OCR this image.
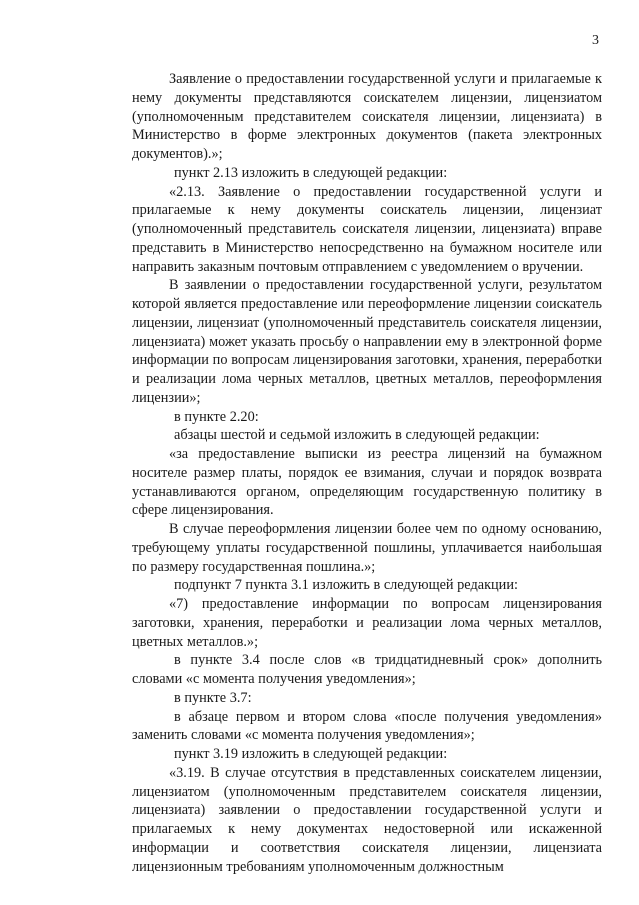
3

Заявление о предоставлении государственной услуги и прилагаемые к нему документы представляются соискателем лицензии, лицензиатом (уполномоченным представителем соискателя лицензии, лицензиата) в Министерство в форме электронных документов (пакета электронных документов).»;

пункт 2.13 изложить в следующей редакции:

«2.13. Заявление о предоставлении государственной услуги и прилагаемые к нему документы соискатель лицензии, лицензиат (уполномоченный представитель соискателя лицензии, лицензиата) вправе представить в Министерство непосредственно на бумажном носителе или направить заказным почтовым отправлением с уведомлением о вручении.

В заявлении о предоставлении государственной услуги, результатом которой является предоставление или переоформление лицензии соискатель лицензии, лицензиат (уполномоченный представитель соискателя лицензии, лицензиата) может указать просьбу о направлении ему в электронной форме информации по вопросам лицензирования заготовки, хранения, переработки и реализации лома черных металлов, цветных металлов, переоформления лицензии»;

в пункте 2.20:

абзацы шестой и седьмой изложить в следующей редакции:

«за предоставление выписки из реестра лицензий на бумажном носителе размер платы, порядок ее взимания, случаи и порядок возврата устанавливаются органом, определяющим государственную политику в сфере лицензирования.

В случае переоформления лицензии более чем по одному основанию, требующему уплаты государственной пошлины, уплачивается наибольшая по размеру государственная пошлина.»;

подпункт 7 пункта 3.1 изложить в следующей редакции:

«7) предоставление информации по вопросам лицензирования заготовки, хранения, переработки и реализации лома черных металлов, цветных металлов.»;

в пункте 3.4 после слов «в тридцатидневный срок» дополнить словами «с момента получения уведомления»;

в пункте 3.7:

в абзаце первом и втором слова «после получения уведомления» заменить словами «с момента получения уведомления»;

пункт 3.19 изложить в следующей редакции:

«3.19. В случае отсутствия в представленных соискателем лицензии, лицензиатом (уполномоченным представителем соискателя лицензии, лицензиата) заявлении о предоставлении государственной услуги и прилагаемых к нему документах недостоверной или искаженной информации и соответствия соискателя лицензии, лицензиата лицензионным требованиям уполномоченным должностным
